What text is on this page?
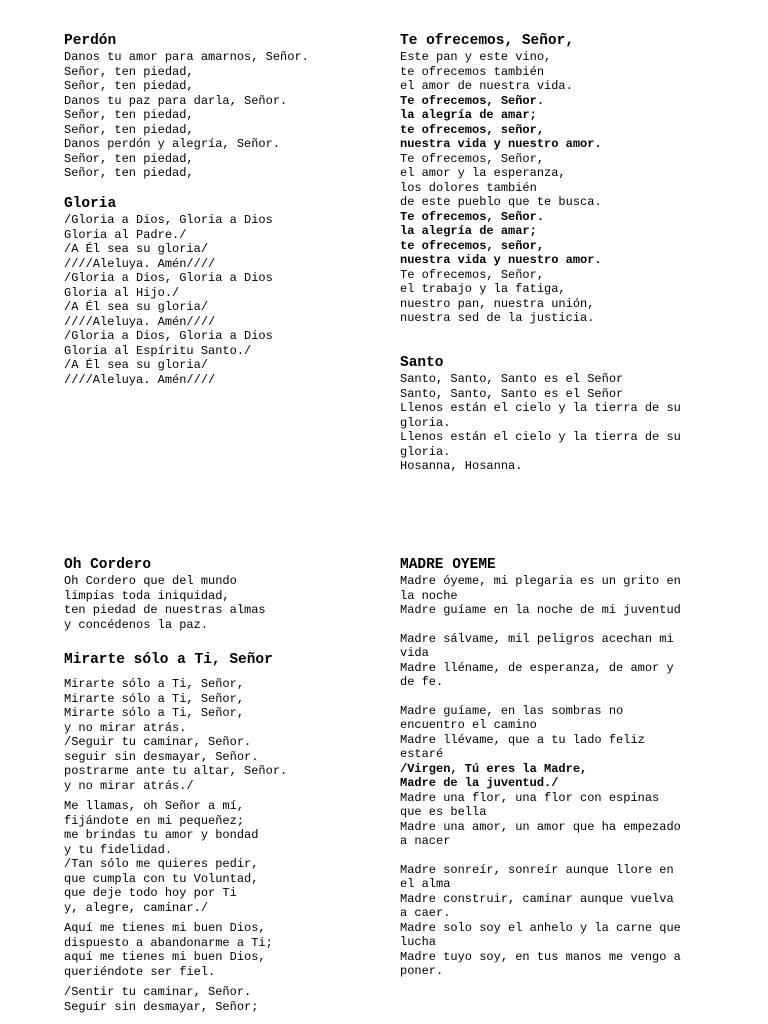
Perdón
Danos tu amor para amarnos, Señor.
Señor, ten piedad,
Señor, ten piedad,
Danos tu paz para darla, Señor.
Señor, ten piedad,
Señor, ten piedad,
Danos perdón y alegría, Señor.
Señor, ten piedad,
Señor, ten piedad,
Gloria
/Gloria a Dios, Gloria a Dios
Gloria al Padre./
/A Él sea su gloria/
////Aleluya. Amén////
/Gloria a Dios, Gloria a Dios
Gloria al Hijo./
/A Él sea su gloria/
////Aleluya. Amén////
/Gloria a Dios, Gloria a Dios
Gloria al Espíritu Santo./
/A Él sea su gloria/
////Aleluya. Amén////
Te ofrecemos, Señor,
Este pan y este vino,
te ofrecemos también
el amor de nuestra vida.
Te ofrecemos, Señor.
la alegría de amar;
te ofrecemos, señor,
nuestra vida y nuestro amor.
Te ofrecemos, Señor,
el amor y la esperanza,
los dolores también
de este pueblo que te busca.
Te ofrecemos, Señor.
la alegría de amar;
te ofrecemos, señor,
nuestra vida y nuestro amor.
Te ofrecemos, Señor,
el trabajo y la fatiga,
nuestro pan, nuestra unión,
nuestra sed de la justicia.
Santo
Santo, Santo, Santo es el Señor
Santo, Santo, Santo es el Señor
Llenos están el cielo y la tierra de su
gloria.
Llenos están el cielo y la tierra de su
gloria.
Hosanna, Hosanna.
Oh Cordero
Oh Cordero que del mundo
limpias toda iniquidad,
ten piedad de nuestras almas
y concédenos la paz.
Mirarte sólo a Ti, Señor
Mirarte sólo a Ti, Señor,
Mirarte sólo a Ti, Señor,
Mirarte sólo a Ti, Señor,
y no mirar atrás.
/Seguir tu caminar, Señor.
seguir sin desmayar, Señor.
postrarme ante tu altar, Señor.
y no mirar atrás./
Me llamas, oh Señor a mí,
fijándote en mi pequeñez;
me brindas tu amor y bondad
y tu fidelidad.
/Tan sólo me quieres pedir,
que cumpla con tu Voluntad,
que deje todo hoy por Ti
y, alegre, caminar./
Aquí me tienes mi buen Dios,
dispuesto a abandonarme a Ti;
aquí me tienes mi buen Dios,
queriéndote ser fiel.
/Sentir tu caminar, Señor.
Seguir sin desmayar, Señor;
MADRE OYEME
Madre óyeme, mi plegaria es un grito en
la noche
Madre guíame en la noche de mi juventud
Madre sálvame, mil peligros acechan mi
vida
Madre lléname, de esperanza, de amor y
de fe.
Madre guíame, en las sombras no
encuentro el camino
Madre llévame, que a tu lado feliz
estaré
/Virgen, Tú eres la Madre,
Madre de la juventud./
Madre una flor, una flor con espinas
que es bella
Madre una amor, un amor que ha empezado
a nacer
Madre sonreír, sonreír aunque llore en
el alma
Madre construir, caminar aunque vuelva
a caer.
Madre solo soy el anhelo y la carne que
lucha
Madre tuyo soy, en tus manos me vengo a
poner.
